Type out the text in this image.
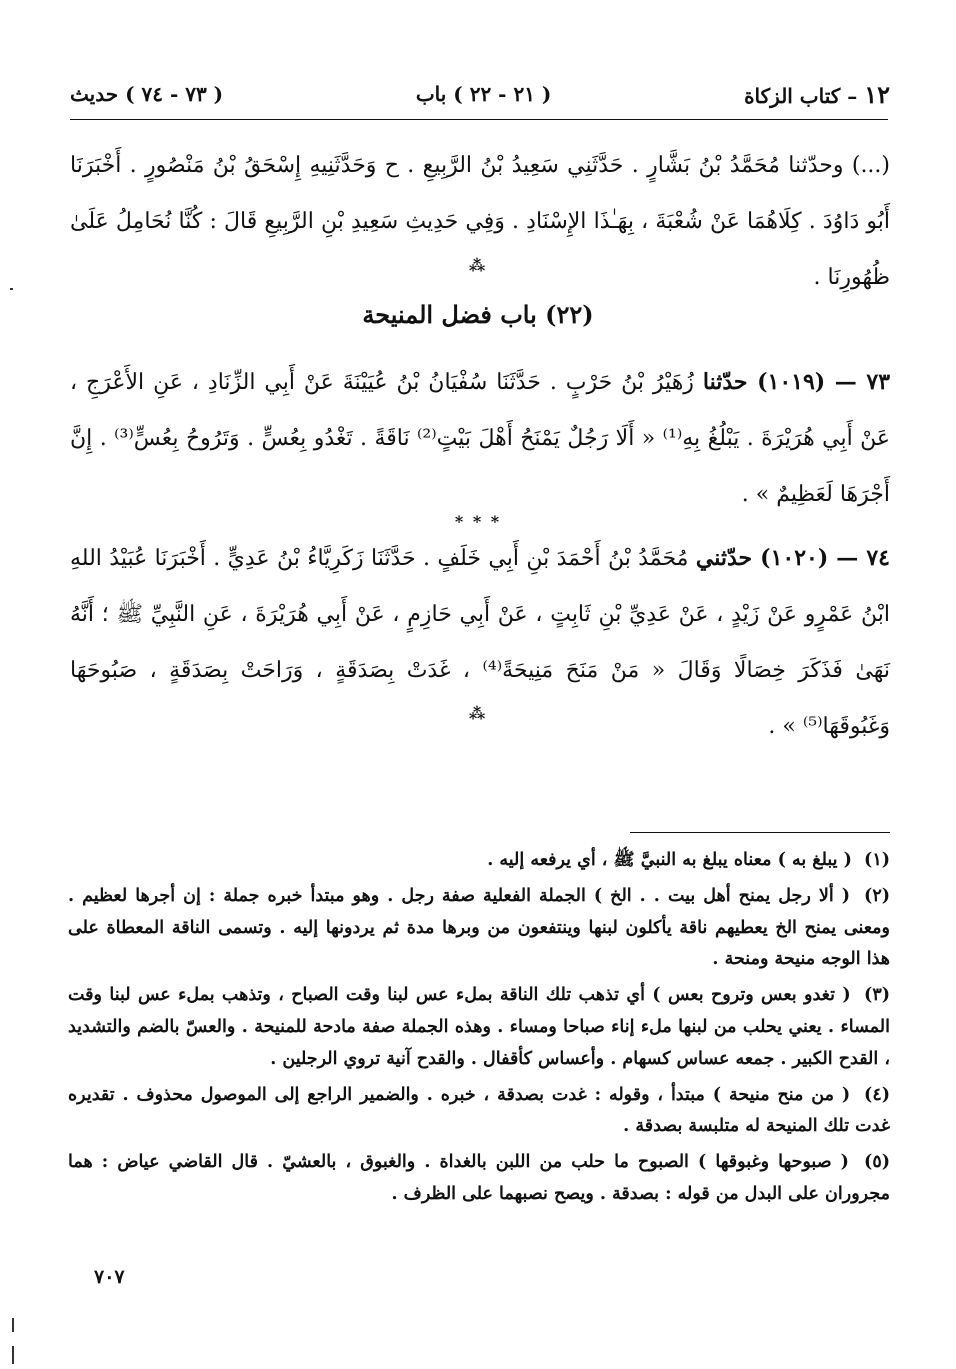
١٢ – كتاب الزكاة
( ٢١ - ٢٢ ) باب
( ٧٣ - ٧٤ ) حديث
(...) وحدّثنا مُحَمَّدُ بْنُ بَشَّارٍ . حَدَّثَنِي سَعِيدُ بْنُ الرَّبِيعِ . ح وَحَدَّثَنِيهِ إِسْحَقُ بْنُ مَنْصُورٍ . أَخْبَرَنَا أَبُو دَاوُدَ . كِلَاهُمَا عَنْ شُعْبَةَ ، بِهَـٰذَا الإِسْنَادِ . وَفِي حَدِيثِ سَعِيدِ بْنِ الرَّبِيعِ قَالَ : كُنَّا نُحَامِلُ عَلَىٰ ظُهُورِنَا .
⁂
(٢٢) باب فضل المنيحة
٧٣ — (١٠١٩) حدّثنا زُهَيْرُ بْنُ حَرْبٍ . حَدَّثَنَا سُفْيَانُ بْنُ عُيَيْنَةَ عَنْ أَبِي الزِّنَادِ ، عَنِ الأَعْرَجِ ، عَنْ أَبِي هُرَيْرَةَ . يَبْلُغُ بِهِ⁽¹⁾ « أَلَا رَجُلٌ يَمْنَحُ أَهْلَ بَيْتٍ⁽²⁾ نَاقَةً . تَغْدُو بِعُسٍّ . وَتَرُوحُ بِعُسٍّ⁽³⁾ . إِنَّ أَجْرَهَا لَعَظِيمٌ » .
* * *
٧٤ — (١٠٢٠) حدّثني مُحَمَّدُ بْنُ أَحْمَدَ بْنِ أَبِي خَلَفٍ . حَدَّثَنَا زَكَرِيَّاءُ بْنُ عَدِيٍّ . أَخْبَرَنَا عُبَيْدُ اللهِ ابْنُ عَمْرٍو عَنْ زَيْدٍ ، عَنْ عَدِيِّ بْنِ ثَابِتٍ ، عَنْ أَبِي حَازِمٍ ، عَنْ أَبِي هُرَيْرَةَ ، عَنِ النَّبِيِّ ﷺ ؛ أَنَّهُ نَهَىٰ فَذَكَرَ خِصَالًا وَقَالَ « مَنْ مَنَحَ مَنِيحَةً⁽⁴⁾ ، غَدَتْ بِصَدَقَةٍ ، وَرَاحَتْ بِصَدَقَةٍ ، صَبُوحَهَا وَغَبُوقَهَا⁽⁵⁾ » .
⁂
(١) ( يبلغ به ) معناه يبلغ به النبيَّ ﷺ ، أي يرفعه إليه .
(٢) ( ألا رجل يمنح أهل بيت . . الخ ) الجملة الفعلية صفة رجل . وهو مبتدأ خبره جملة : إن أجرها لعظيم . ومعنى يمنح الخ يعطيهم ناقة يأكلون لبنها وينتفعون من وبرها مدة ثم يردونها إليه . وتسمى الناقة المعطاة على هذا الوجه منيحة ومنحة .
(٣) ( تغدو بعس وتروح بعس ) أي تذهب تلك الناقة بملء عس لبنا وقت الصباح ، وتذهب بملء عس لبنا وقت المساء . يعني يحلب من لبنها ملء إناء صباحا ومساء . وهذه الجملة صفة مادحة للمنيحة . والعسّ بالضم والتشديد ، القدح الكبير . جمعه عساس كسهام . وأعساس كأقفال . والقدح آنية تروي الرجلين .
(٤) ( من منح منيحة ) مبتدأ ، وقوله : غدت بصدقة ، خبره . والضمير الراجع إلى الموصول محذوف . تقديره غدت تلك المنيحة له متلبسة بصدقة .
(٥) ( صبوحها وغبوقها ) الصبوح ما حلب من اللبن بالغداة . والغبوق ، بالعشيّ . قال القاضي عياض : هما مجروران على البدل من قوله : بصدقة . ويصح نصبهما على الظرف .
٧٠٧
